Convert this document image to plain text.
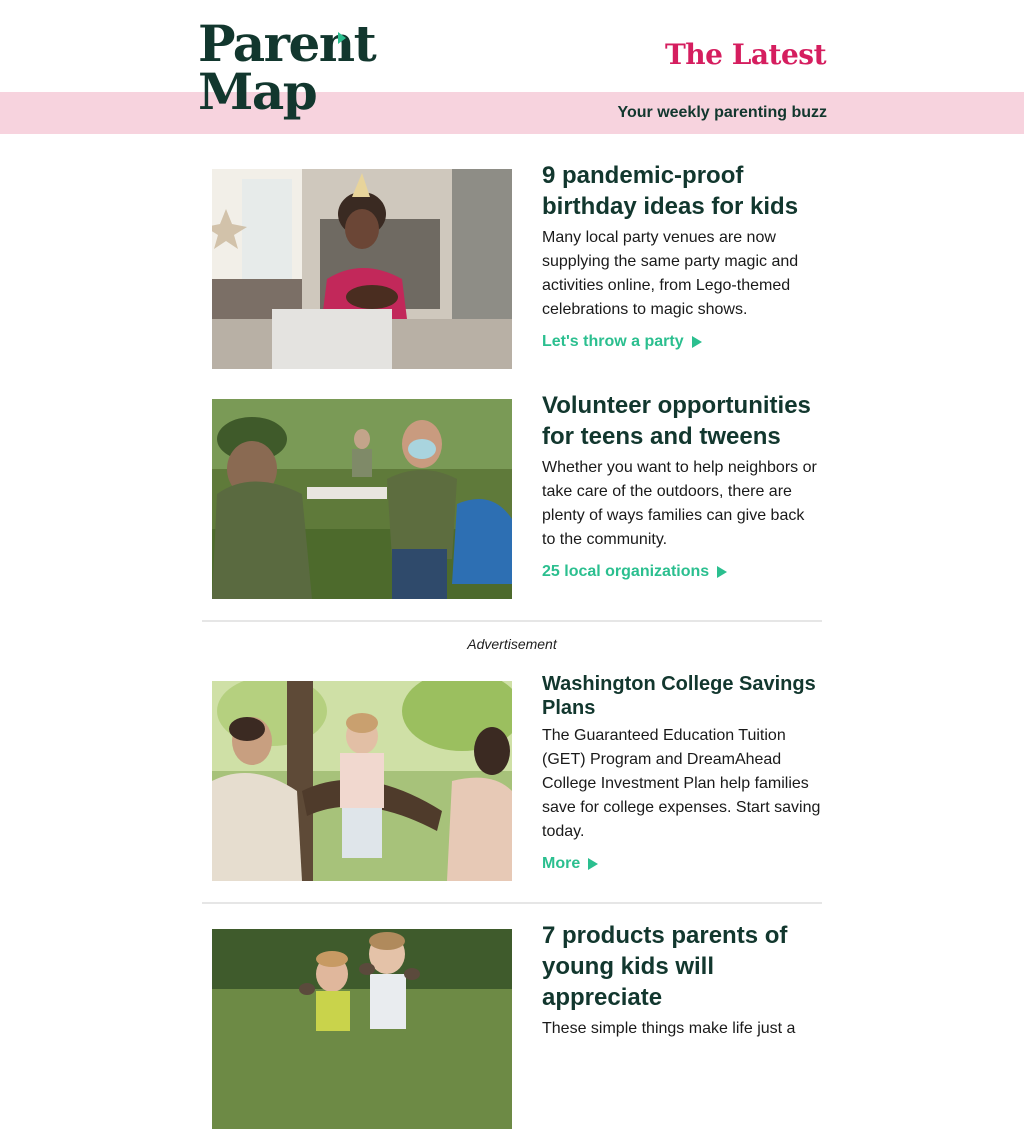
Parent
Map
The Latest
Your weekly parenting buzz
9 pandemic-proof birthday ideas for kids

Many local party venues are now supplying the same party magic and activities online, from Lego-themed celebrations to magic shows.

Let's throw a party
Volunteer opportunities for teens and tweens

Whether you want to help neighbors or take care of the outdoors, there are plenty of ways families can give back to the community.

25 local organizations
Advertisement
Washington College Savings Plans

The Guaranteed Education Tuition (GET) Program and DreamAhead College Investment Plan help families save for college expenses. Start saving today.

More
7 products parents of young kids will appreciate

These simple things make life just a
